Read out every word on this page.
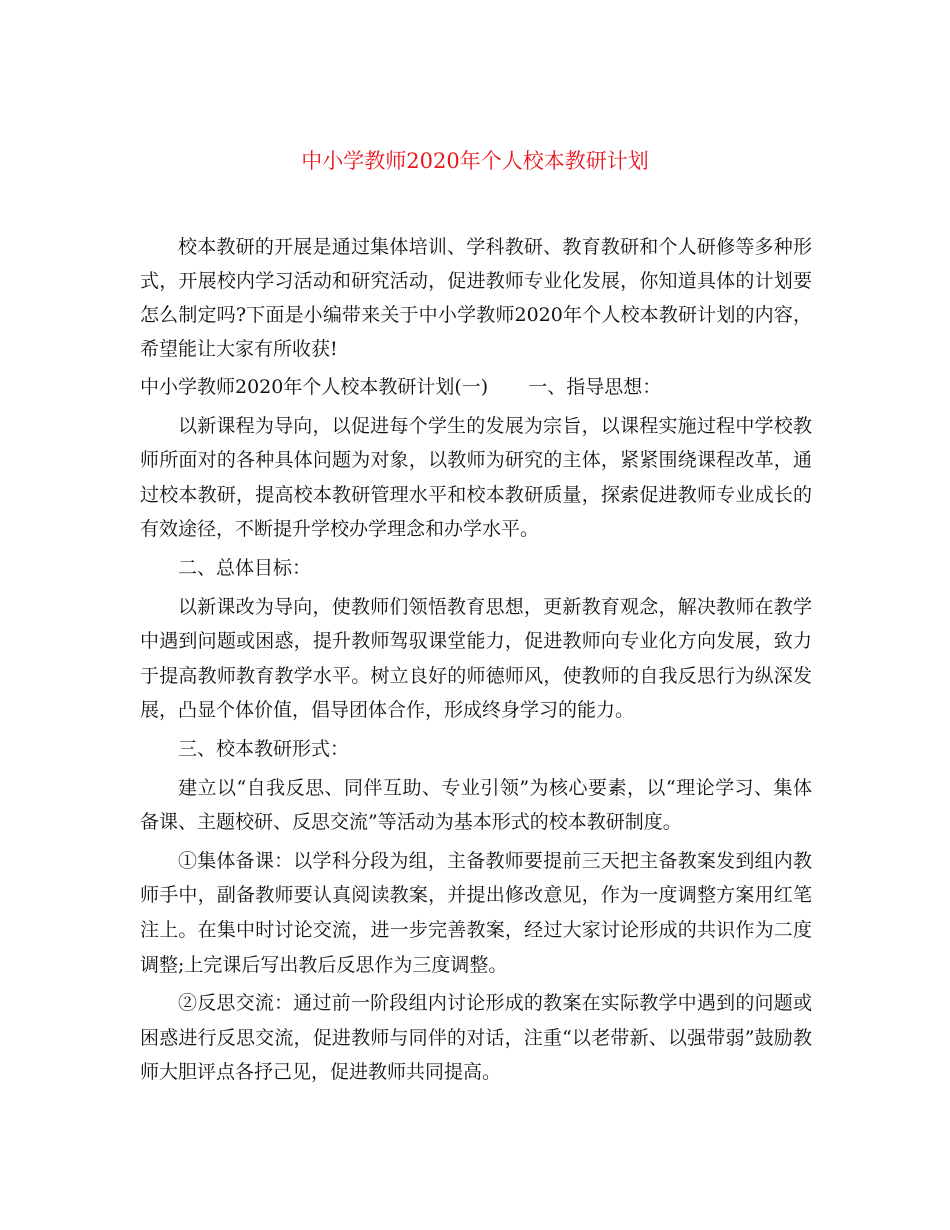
中小学教师2020年个人校本教研计划

校本教研的开展是通过集体培训、学科教研、教育教研和个人研修等多种形式，开展校内学习活动和研究活动，促进教师专业化发展，你知道具体的计划要怎么制定吗?下面是小编带来关于中小学教师2020年个人校本教研计划的内容，希望能让大家有所收获!

中小学教师2020年个人校本教研计划(一) 一、指导思想：

以新课程为导向，以促进每个学生的发展为宗旨，以课程实施过程中学校教师所面对的各种具体问题为对象，以教师为研究的主体，紧紧围绕课程改革，通过校本教研，提高校本教研管理水平和校本教研质量，探索促进教师专业成长的有效途径，不断提升学校办学理念和办学水平。

二、总体目标：

以新课改为导向，使教师们领悟教育思想，更新教育观念，解决教师在教学中遇到问题或困惑，提升教师驾驭课堂能力，促进教师向专业化方向发展，致力于提高教师教育教学水平。树立良好的师德师风，使教师的自我反思行为纵深发展，凸显个体价值，倡导团体合作，形成终身学习的能力。

三、校本教研形式：

建立以“自我反思、同伴互助、专业引领”为核心要素，以“理论学习、集体备课、主题校研、反思交流”等活动为基本形式的校本教研制度。

①集体备课：以学科分段为组，主备教师要提前三天把主备教案发到组内教师手中，副备教师要认真阅读教案，并提出修改意见，作为一度调整方案用红笔注上。在集中时讨论交流，进一步完善教案，经过大家讨论形成的共识作为二度调整;上完课后写出教后反思作为三度调整。

②反思交流：通过前一阶段组内讨论形成的教案在实际教学中遇到的问题或困惑进行反思交流，促进教师与同伴的对话，注重“以老带新、以强带弱”鼓励教师大胆评点各抒己见，促进教师共同提高。
